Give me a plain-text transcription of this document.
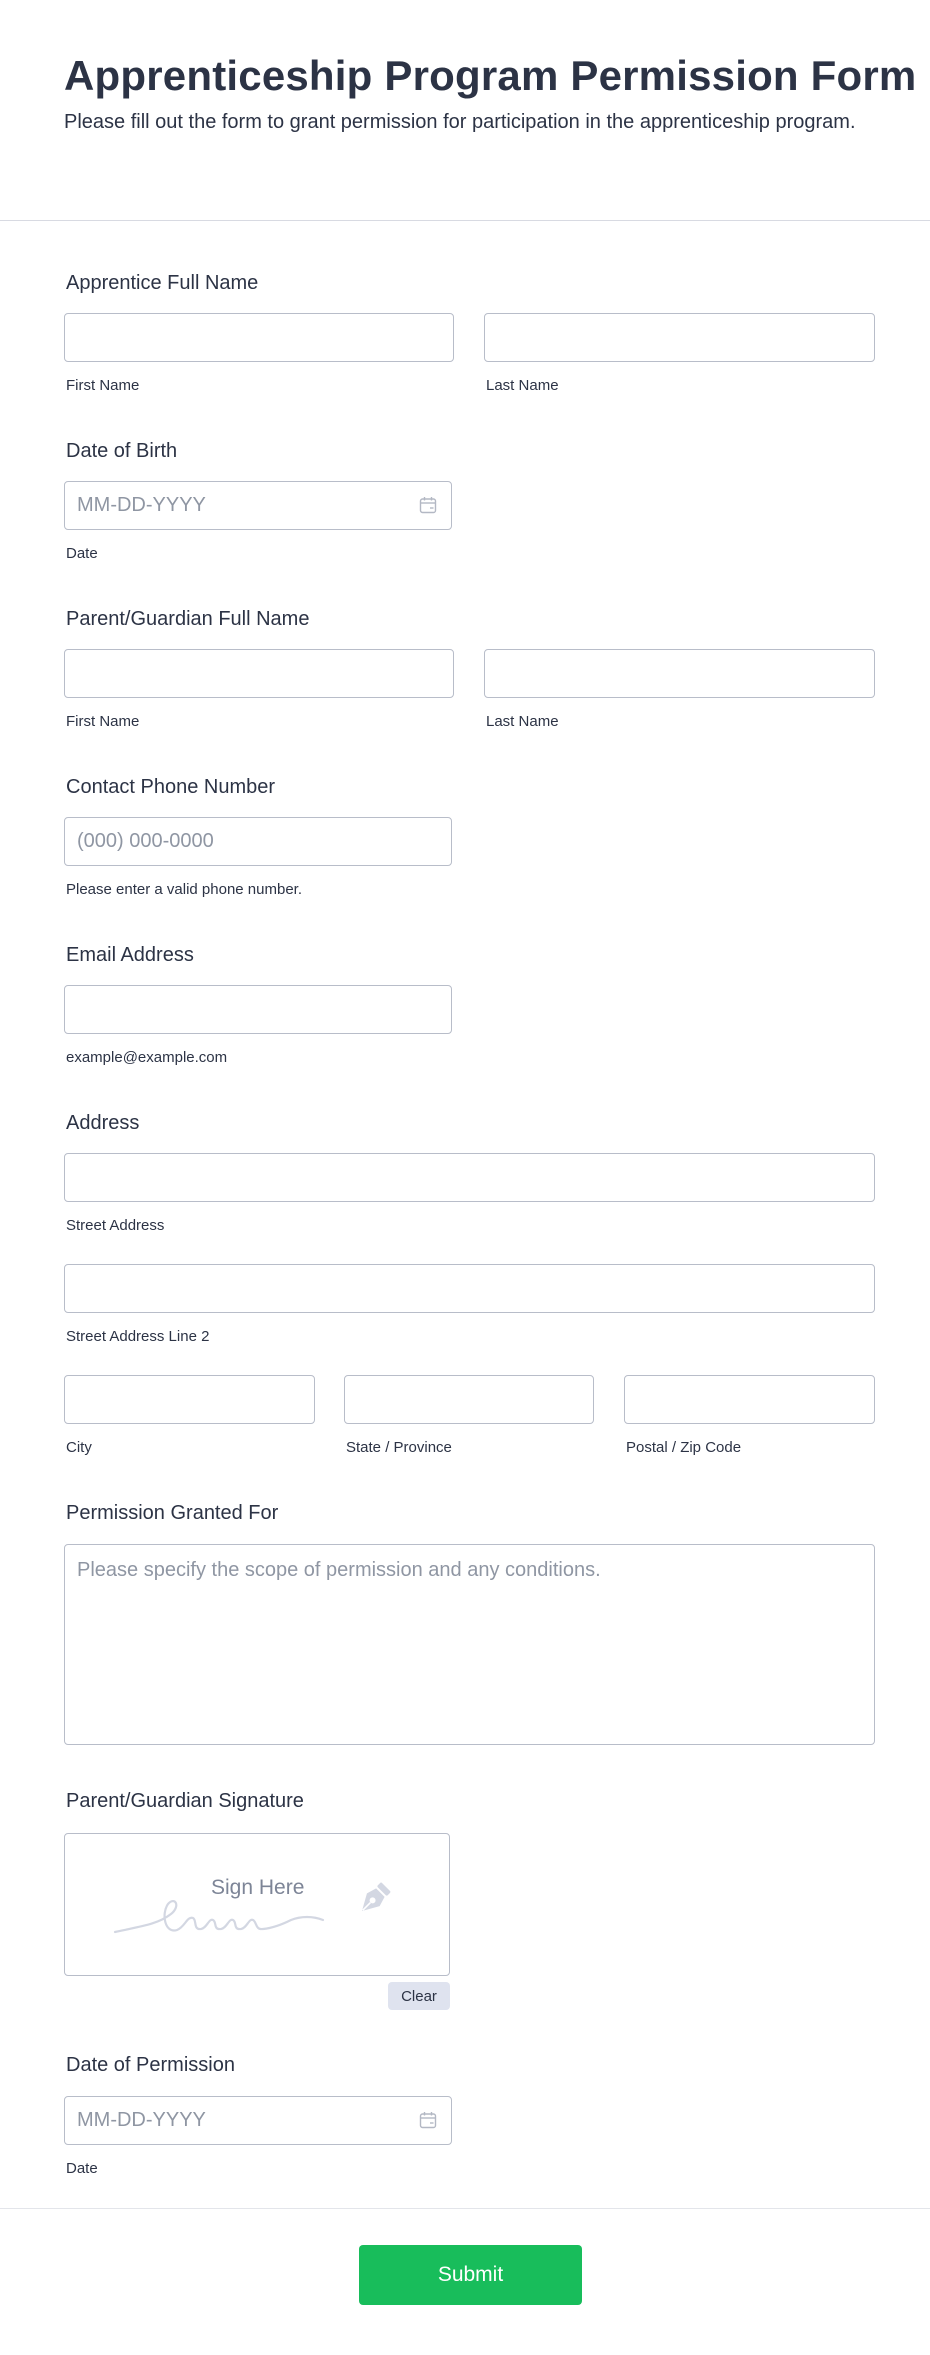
Apprenticeship Program Permission Form

Please fill out the form to grant permission for participation in the apprenticeship program.

Apprentice Full Name
First Name	Last Name
Date of Birth
MM-DD-YYYY
Date
Parent/Guardian Full Name
First Name	Last Name
Contact Phone Number
(000) 000-0000
Please enter a valid phone number.
Email Address
example@example.com
Address
Street Address
Street Address Line 2
City	State / Province	Postal / Zip Code
Permission Granted For
Please specify the scope of permission and any conditions.
Parent/Guardian Signature
Sign Here
Clear
Date of Permission
MM-DD-YYYY
Date
Submit
